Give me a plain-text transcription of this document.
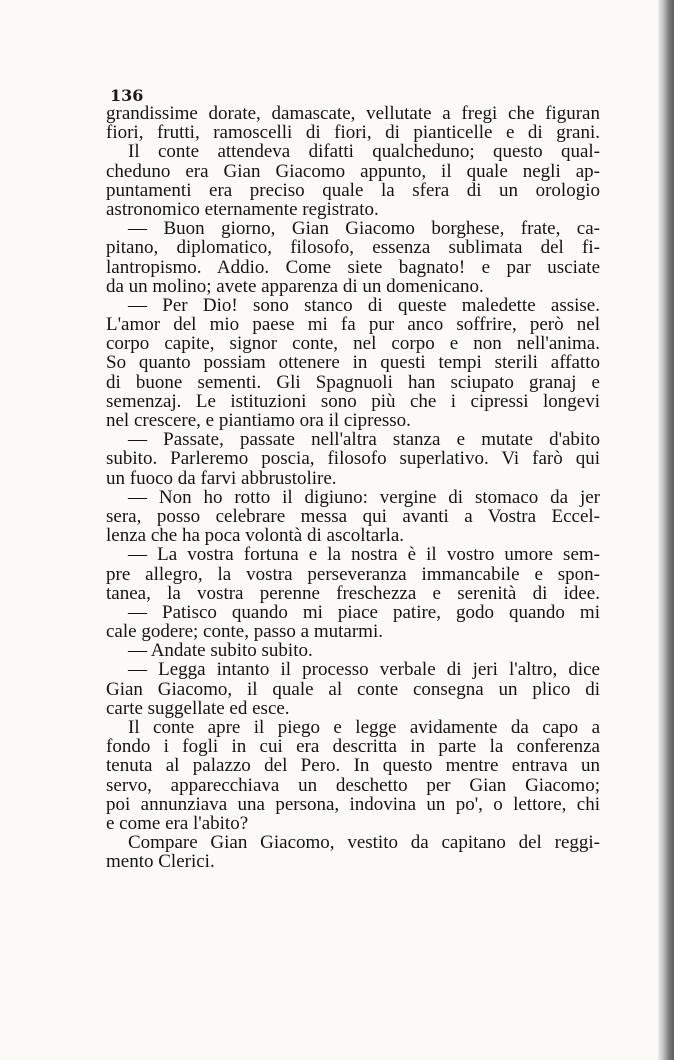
136

grandissime dorate, damascate, vellutate a fregi che figuran
fiori, frutti, ramoscelli di fiori, di pianticelle e di grani.
Il conte attendeva difatti qualcheduno; questo qual-
cheduno era Gian Giacomo appunto, il quale negli ap-
puntamenti era preciso quale la sfera di un orologio
astronomico eternamente registrato.
— Buon giorno, Gian Giacomo borghese, frate, ca-
pitano, diplomatico, filosofo, essenza sublimata del fi-
lantropismo. Addio. Come siete bagnato! e par usciate
da un molino; avete apparenza di un domenicano.
— Per Dio! sono stanco di queste maledette assise.
L'amor del mio paese mi fa pur anco soffrire, però nel
corpo capite, signor conte, nel corpo e non nell'anima.
So quanto possiam ottenere in questi tempi sterili affatto
di buone sementi. Gli Spagnuoli han sciupato granaj e
semenzaj. Le istituzioni sono più che i cipressi longevi
nel crescere, e piantiamo ora il cipresso.
— Passate, passate nell'altra stanza e mutate d'abito
subito. Parleremo poscia, filosofo superlativo. Vi farò qui
un fuoco da farvi abbrustolire.
— Non ho rotto il digiuno: vergine di stomaco da jer
sera, posso celebrare messa qui avanti a Vostra Eccel-
lenza che ha poca volontà di ascoltarla.
— La vostra fortuna e la nostra è il vostro umore sem-
pre allegro, la vostra perseveranza immancabile e spon-
tanea, la vostra perenne freschezza e serenità di idee.
— Patisco quando mi piace patire, godo quando mi
cale godere; conte, passo a mutarmi.
— Andate subito subito.
— Legga intanto il processo verbale di jeri l'altro, dice
Gian Giacomo, il quale al conte consegna un plico di
carte suggellate ed esce.
Il conte apre il piego e legge avidamente da capo a
fondo i fogli in cui era descritta in parte la conferenza
tenuta al palazzo del Pero. In questo mentre entrava un
servo, apparecchiava un deschetto per Gian Giacomo;
poi annunziava una persona, indovina un po', o lettore, chi
e come era l'abito?
Compare Gian Giacomo, vestito da capitano del reggi-
mento Clerici.
